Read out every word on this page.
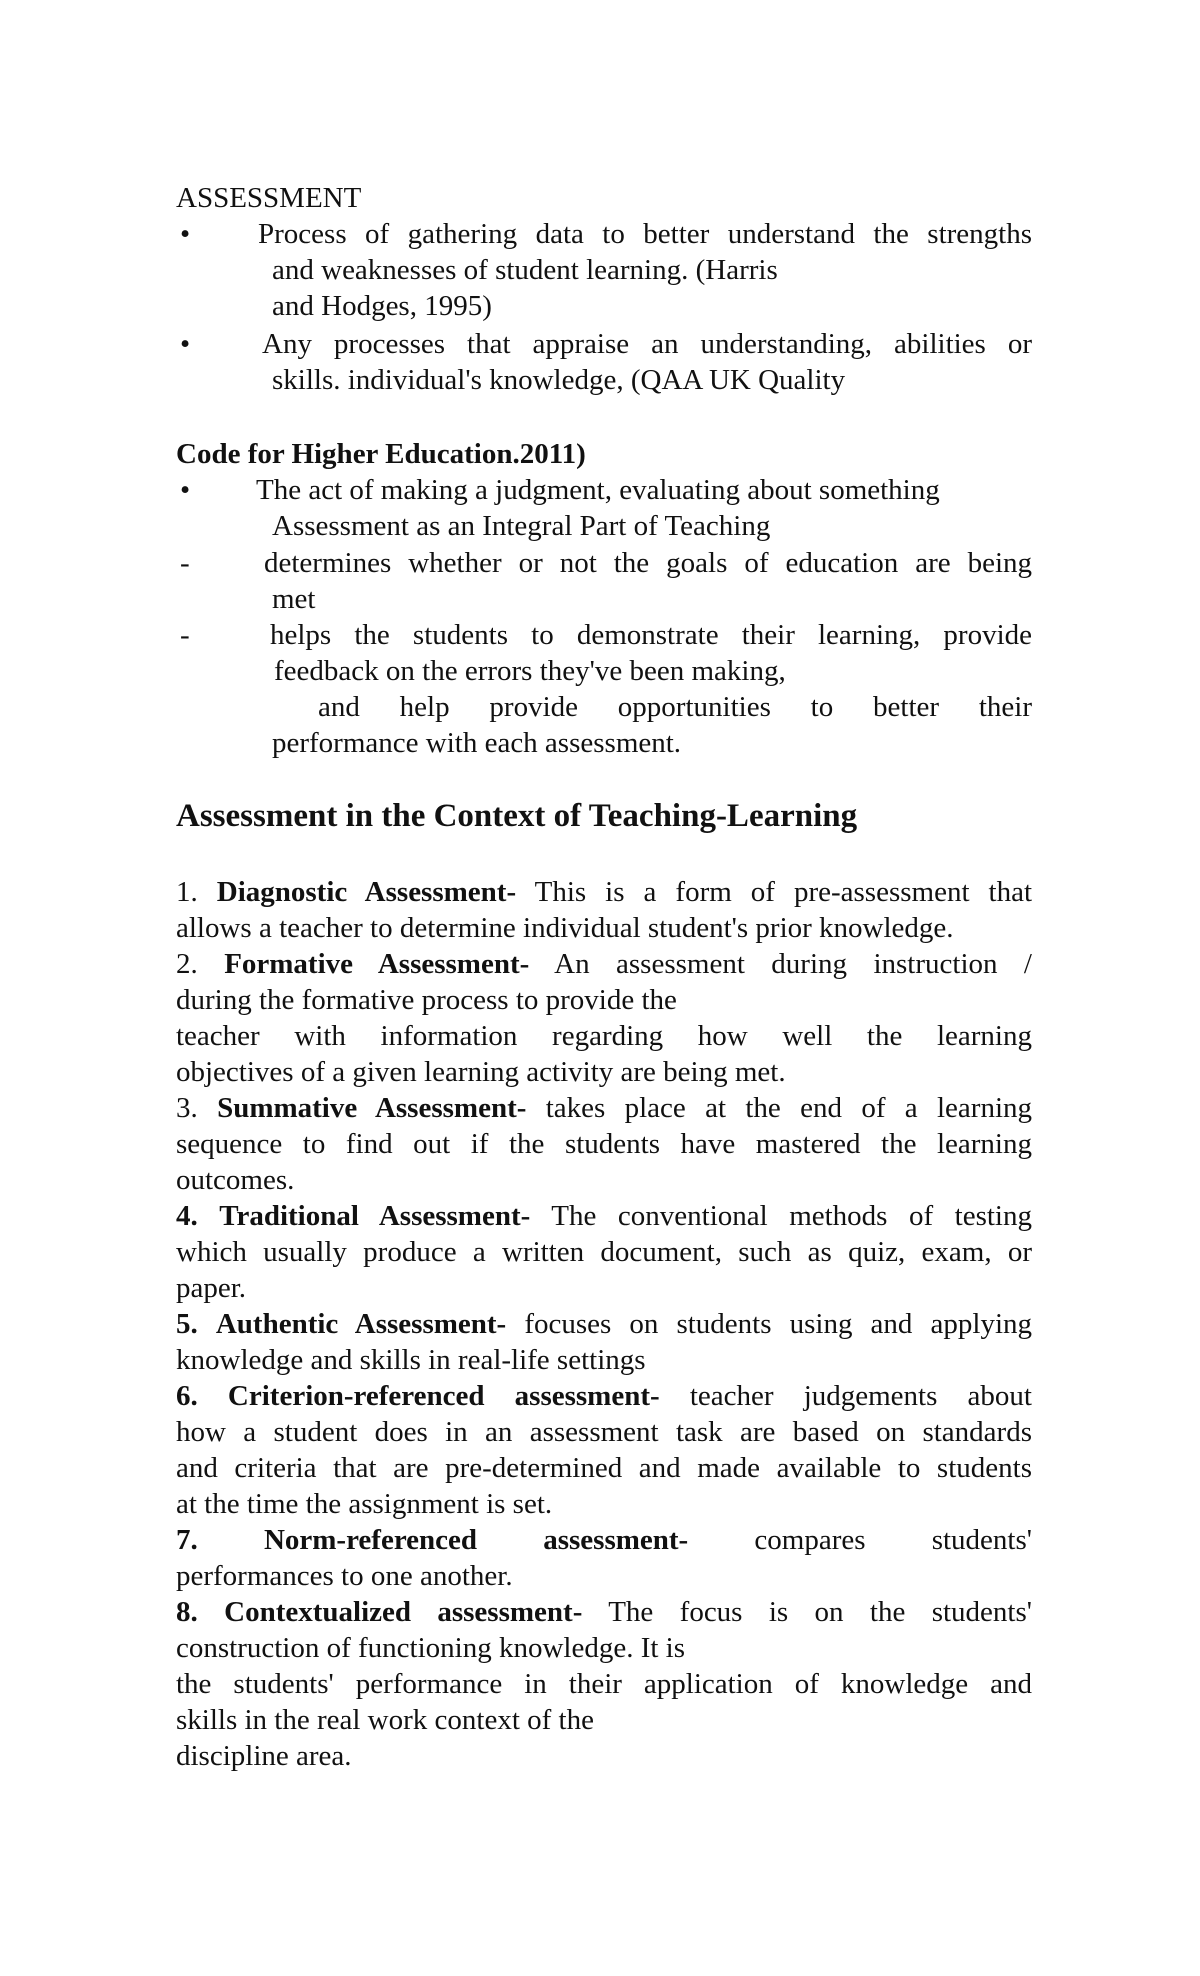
ASSESSMENT
• Process of gathering data to better understand the strengths
and weaknesses of student learning. (Harris
and Hodges, 1995)
• Any processes that appraise an understanding, abilities or
skills. individual's knowledge, (QAA UK Quality
Code for Higher Education.2011)
• The act of making a judgment, evaluating about something
Assessment as an Integral Part of Teaching
-	determines whether or not the goals of education are being
met
-	helps the students to demonstrate their learning, provide
feedback on the errors they've been making,
and help provide opportunities to better their
performance with each assessment.
Assessment in the Context of Teaching-Learning
1. Diagnostic Assessment- This is a form of pre-assessment that
allows a teacher to determine individual student's prior knowledge.
2. Formative Assessment- An assessment during instruction /
during the formative process to provide the
teacher with information regarding how well the learning
objectives of a given learning activity are being met.
3. Summative Assessment- takes place at the end of a learning
sequence to find out if the students have mastered the learning
outcomes.
4. Traditional Assessment- The conventional methods of testing
which usually produce a written document, such as quiz, exam, or
paper.
5. Authentic Assessment- focuses on students using and applying
knowledge and skills in real-life settings
6. Criterion-referenced assessment- teacher judgements about
how a student does in an assessment task are based on standards
and criteria that are pre-determined and made available to students
at the time the assignment is set.
7. Norm-referenced assessment- compares students'
performances to one another.
8. Contextualized assessment- The focus is on the students'
construction of functioning knowledge. It is
the students' performance in their application of knowledge and
skills in the real work context of the
discipline area.
